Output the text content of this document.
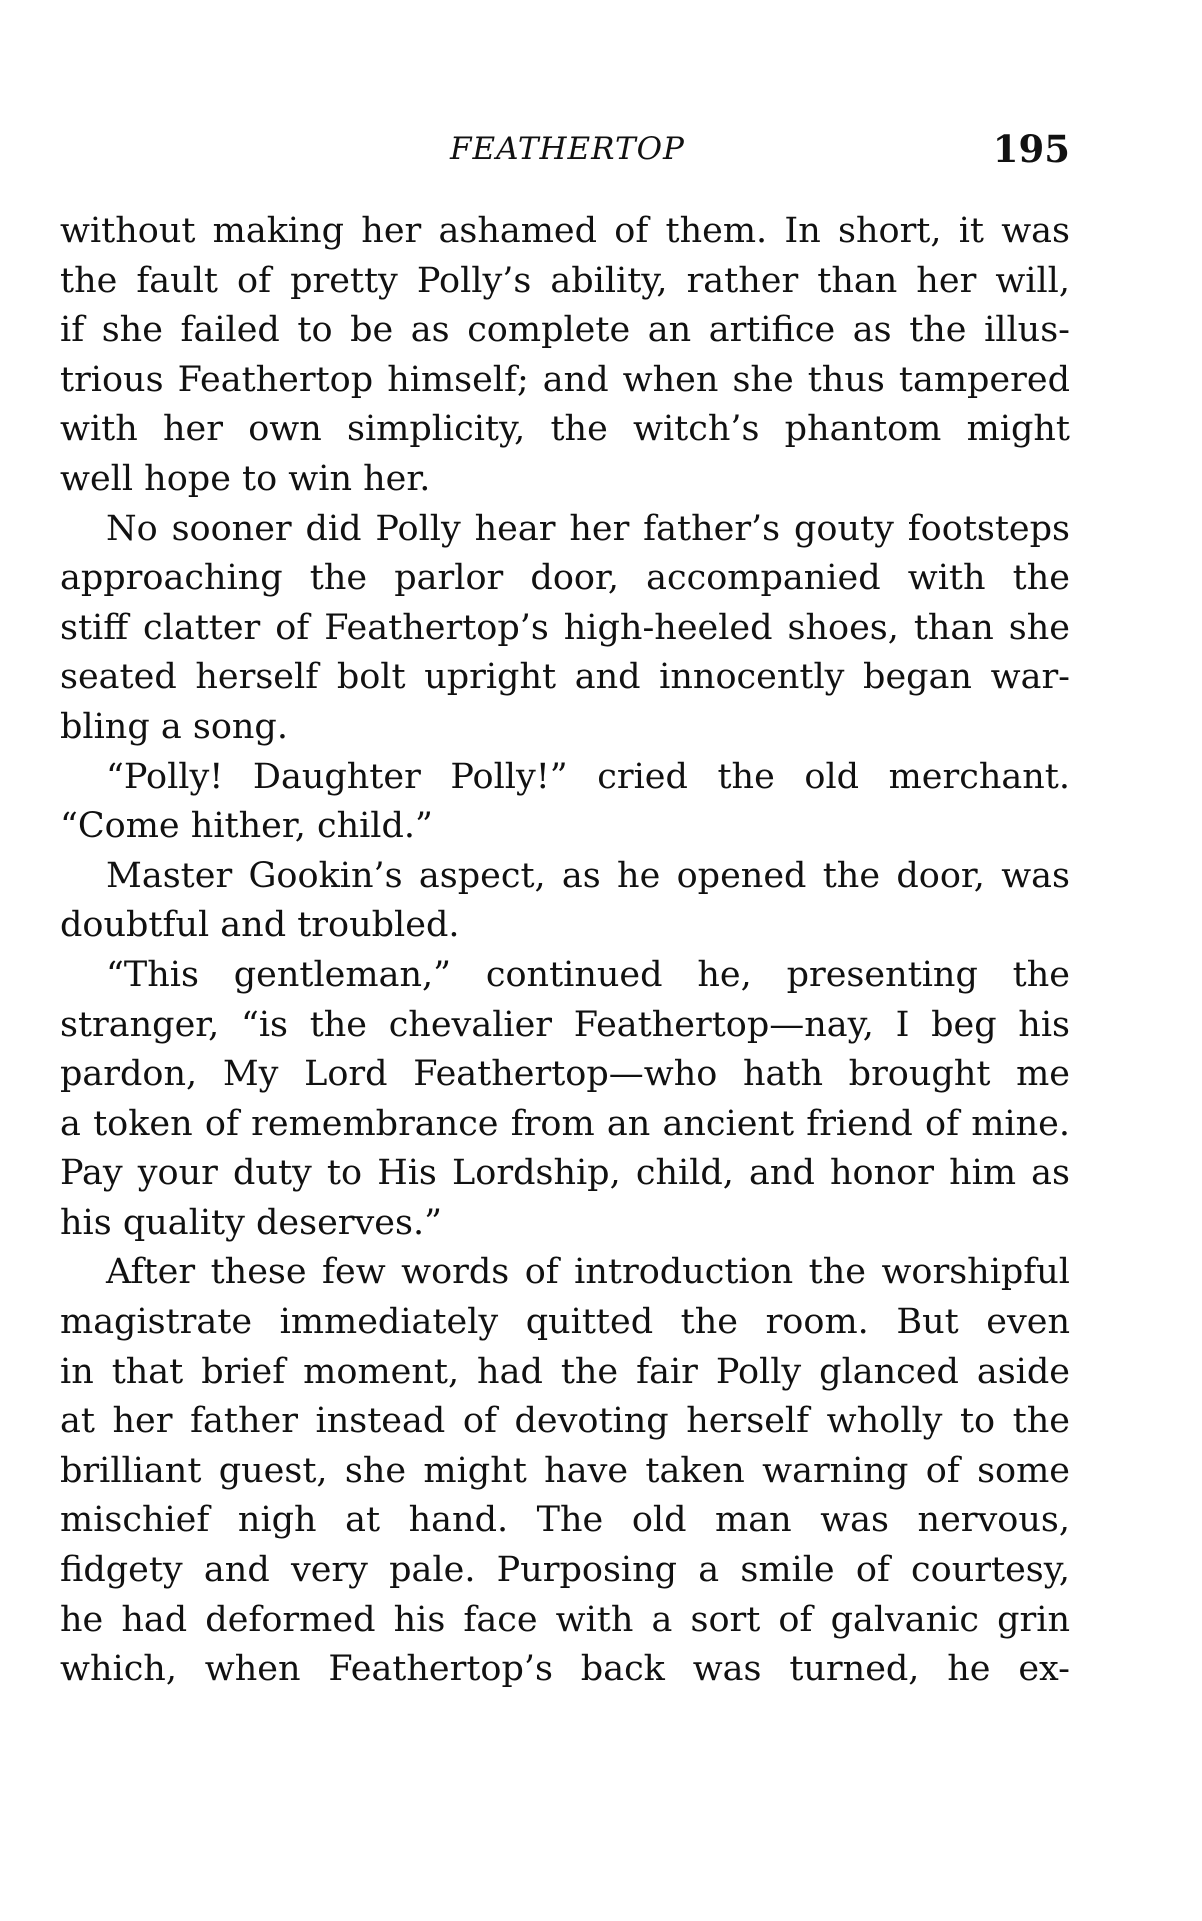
FEATHERTOP	195
without making her ashamed of them. In short, it was
the fault of pretty Polly’s ability, rather than her will,
if she failed to be as complete an artifice as the illus-
trious Feathertop himself; and when she thus tampered
with her own simplicity, the witch’s phantom might
well hope to win her.
No sooner did Polly hear her father’s gouty footsteps
approaching the parlor door, accompanied with the
stiff clatter of Feathertop’s high-heeled shoes, than she
seated herself bolt upright and innocently began war-
bling a song.
“Polly! Daughter Polly!” cried the old merchant.
“Come hither, child.”
Master Gookin’s aspect, as he opened the door, was
doubtful and troubled.
“This gentleman,” continued he, presenting the
stranger, “is the chevalier Feathertop—nay, I beg his
pardon, My Lord Feathertop—who hath brought me
a token of remembrance from an ancient friend of mine.
Pay your duty to His Lordship, child, and honor him as
his quality deserves.”
After these few words of introduction the worshipful
magistrate immediately quitted the room. But even
in that brief moment, had the fair Polly glanced aside
at her father instead of devoting herself wholly to the
brilliant guest, she might have taken warning of some
mischief nigh at hand. The old man was nervous,
fidgety and very pale. Purposing a smile of courtesy,
he had deformed his face with a sort of galvanic grin
which, when Feathertop’s back was turned, he ex-
